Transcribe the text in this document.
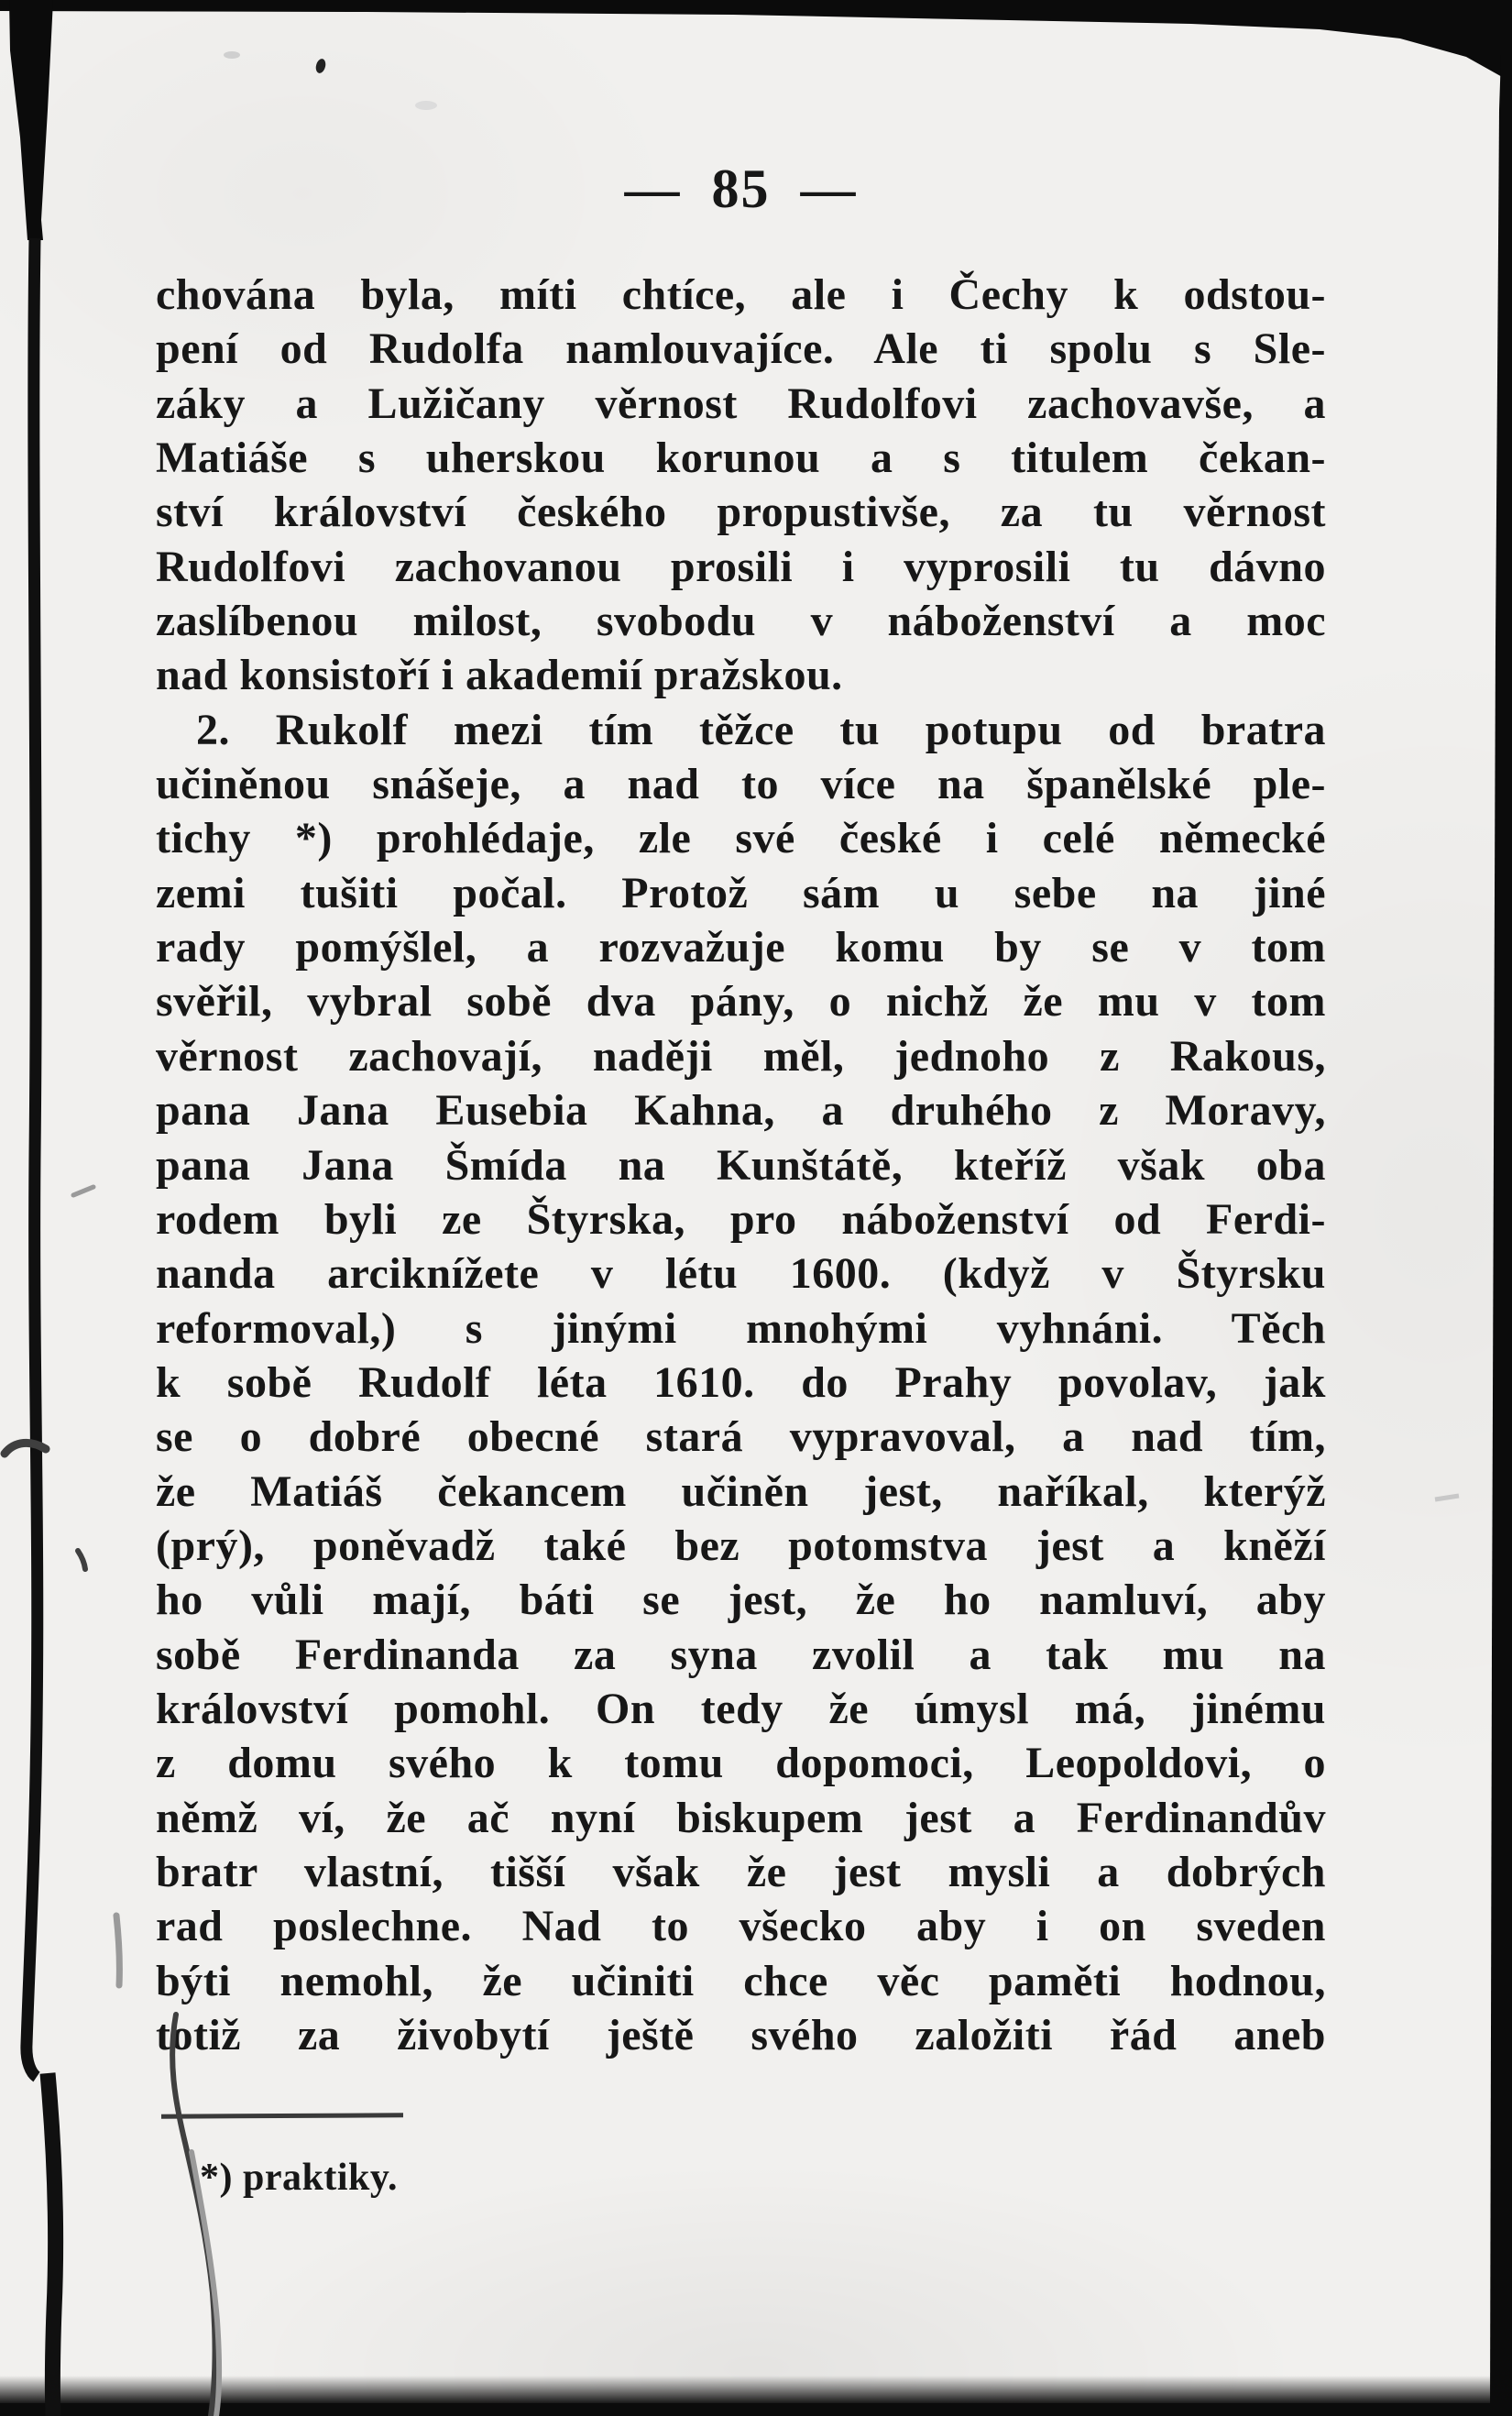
— 85 —
chována byla, míti chtíce, ale i Čechy k odstou-
pení od Rudolfa namlouvajíce. Ale ti spolu s Sle-
záky a Lužičany věrnost Rudolfovi zachovavše, a
Matiáše s uherskou korunou a s titulem čekan-
ství království českého propustivše, za tu věrnost
Rudolfovi zachovanou prosili i vyprosili tu dávno
zaslíbenou milost, svobodu v náboženství a moc
nad konsistoří i akademií pražskou.
2. Rukolf mezi tím těžce tu potupu od bratra
učiněnou snášeje, a nad to více na španělské ple-
tichy *) prohlédaje, zle své české i celé německé
zemi tušiti počal. Protož sám u sebe na jiné
rady pomýšlel, a rozvažuje komu by se v tom
svěřil, vybral sobě dva pány, o nichž že mu v tom
věrnost zachovají, naději měl, jednoho z Rakous,
pana Jana Eusebia Kahna, a druhého z Moravy,
pana Jana Šmída na Kunštátě, kteříž však oba
rodem byli ze Štyrska, pro náboženství od Ferdi-
nanda arciknížete v létu 1600. (když v Štyrsku
reformoval,) s jinými mnohými vyhnáni. Těch
k sobě Rudolf léta 1610. do Prahy povolav, jak
se o dobré obecné stará vypravoval, a nad tím,
že Matiáš čekancem učiněn jest, naříkal, kterýž
(prý), poněvadž také bez potomstva jest a kněží
ho vůli mají, báti se jest, že ho namluví, aby
sobě Ferdinanda za syna zvolil a tak mu na
království pomohl. On tedy že úmysl má, jinému
z domu svého k tomu dopomoci, Leopoldovi, o
němž ví, že ač nyní biskupem jest a Ferdinandův
bratr vlastní, tišší však že jest mysli a dobrých
rad poslechne. Nad to všecko aby i on sveden
býti nemohl, že učiniti chce věc paměti hodnou,
totiž za živobytí ještě svého založiti řád aneb
*) praktiky.
